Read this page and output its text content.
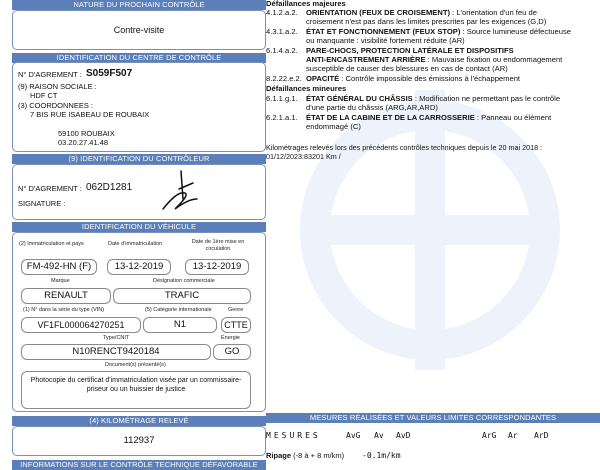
NATURE DU PROCHAIN CONTRÔLE
Contre-visite
IDENTIFICATION DU CENTRE DE CONTRÔLE
N° D'AGREMENT : S059F507
(9) RAISON SOCIALE :
HDF CT
(3) COORDONNEES :
7 BIS RUE ISABEAU DE ROUBAIX
59100 ROUBAIX
03.20.27.41.48
(9) IDENTIFICATION DU CONTRÔLEUR
N° D'AGREMENT : 062D1281
SIGNATURE :
IDENTIFICATION DU VÉHICULE
(2) Immatriculation et pays	Date d'immatriculation	Date de 1ère mise en circulation
FM-492-HN (F)	13-12-2019	13-12-2019
Marque	Désignation commerciale
RENAULT	TRAFIC
(1) N° dans la série du type (VIN)	(5) Catégorie internationale	Genre
VF1FL000064270251	N1	CTTE
Type/CNIT	Énergie
N10RENCT9420184	GO
Document(s) présenté(s)
Photocopie du certificat d'immatriculation visée par un commissaire-priseur ou un huissier de justice
(4) KILOMÉTRAGE RELEVÉ
112937
INFORMATIONS SUR LE CONTRÔLE TECHNIQUE DÉFAVORABLE
Défaillances majeures
4.1.2.a.2. ORIENTATION (FEUX DE CROISEMENT) : L'orientation d'un feu de
croisement n'est pas dans les limites prescrites par les exigences (G,D)
4.3.1.a.2. ÉTAT ET FONCTIONNEMENT (FEUX STOP) : Source lumineuse défectueuse
ou manquante : visibilité fortement réduite (AR)
6.1.4.a.2. PARE-CHOCS, PROTECTION LATÉRALE ET DISPOSITIFS
ANTI-ENCASTREMENT ARRIÈRE : Mauvaise fixation ou endommagement
susceptible de causer des blessures en cas de contact (AR)
8.2.22.e.2. OPACITÉ : Contrôle impossible des émissions à l'échappement
Défaillances mineures
6.1.1.g.1. ÉTAT GÉNÉRAL DU CHÂSSIS : Modification ne permettant pas le contrôle
d'une partie du châssis (ARG,AR,ARD)
6.2.1.a.1. ÉTAT DE LA CABINE ET DE LA CARROSSERIE : Panneau ou élément
endommagé (C)
Kilométrages relevés lors des précédents contrôles techniques depuis le 20 mai 2018 :
01/12/2023:83201 Km /
MESURES RÉALISÉES ET VALEURS LIMITES CORRESPONDANTES
MESURES	AvG Av AvD	ArG Ar ArD
Ripage (-8 à + 8 m/km) -0.1m/km
